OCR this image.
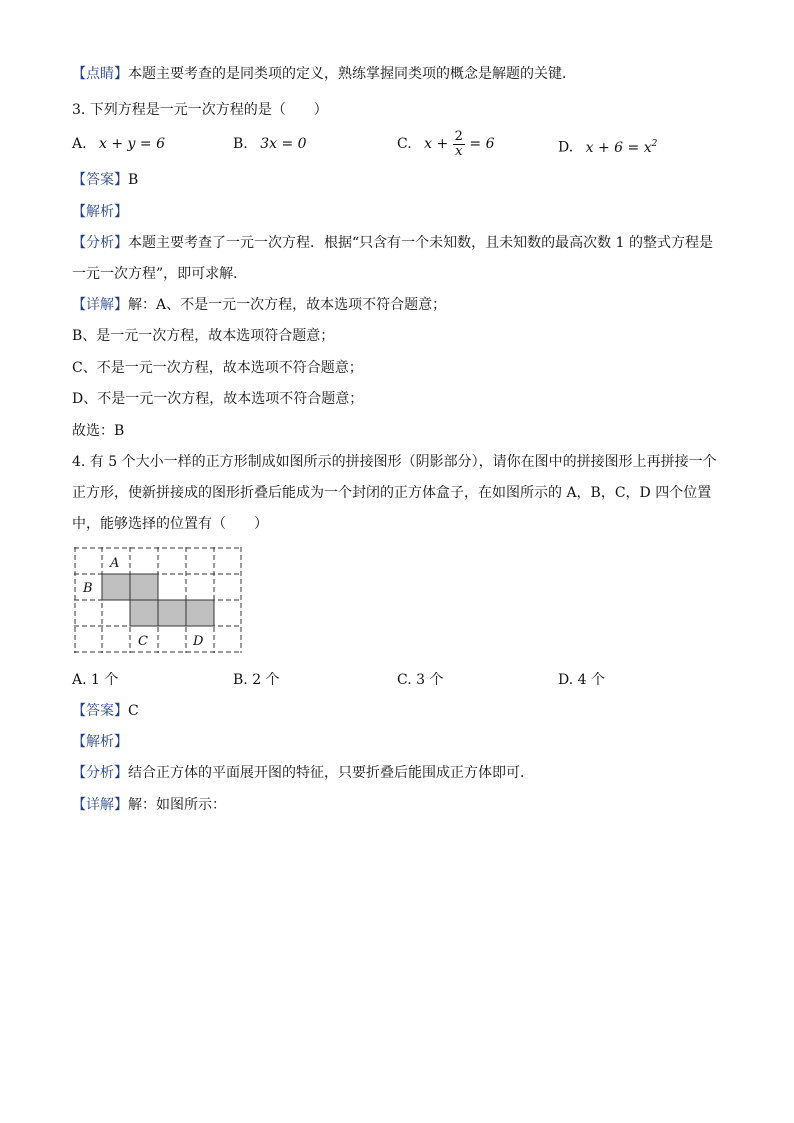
【点睛】本题主要考查的是同类项的定义，熟练掌握同类项的概念是解题的关键．
3. 下列方程是一元一次方程的是（　　）
A. x + y = 6	B. 3x = 0	C. $x + \frac{2}{x} = 6$	D. $x + 6 = x^2$
【答案】B
【解析】
【分析】本题主要考查了一元一次方程．根据“只含有一个未知数，且未知数的最高次数 1 的整式方程是
一元一次方程”，即可求解．
【详解】解：A、不是一元一次方程，故本选项不符合题意；
B、是一元一次方程，故本选项符合题意；
C、不是一元一次方程，故本选项不符合题意；
D、不是一元一次方程，故本选项不符合题意；
故选：B
4. 有 5 个大小一样的正方形制成如图所示的拼接图形（阴影部分），请你在图中的拼接图形上再拼接一个
正方形，使新拼接成的图形折叠后能成为一个封闭的正方体盒子，在如图所示的 A，B，C，D 四个位置
中，能够选择的位置有（　　）
A
B
C	D
A. 1 个	B. 2 个	C. 3 个	D. 4 个
【答案】C
【解析】
【分析】结合正方体的平面展开图的特征，只要折叠后能围成正方体即可．
【详解】解：如图所示：
